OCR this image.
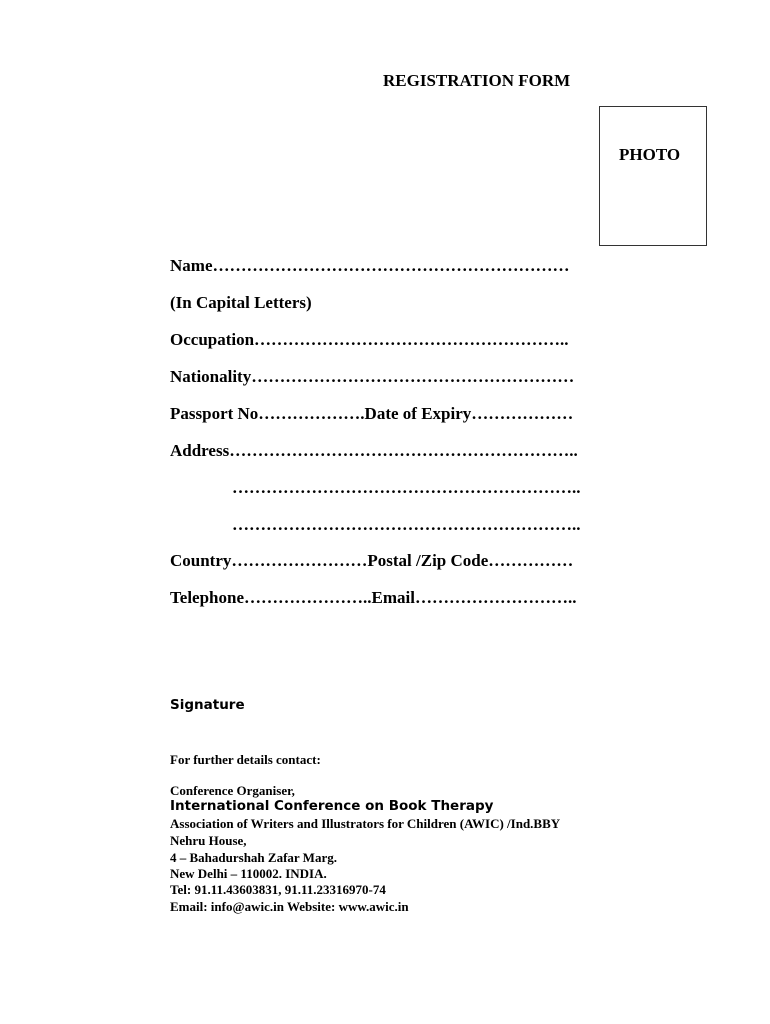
REGISTRATION FORM
PHOTO
Name………………………………………………………
(In Capital Letters)
Occupation………………………………………………..
Nationality…………………………………………………
Passport No……………….Date of Expiry………………
Address……………………………………………………..
……………………………………………………..
……………………………………………………..
Country……………………Postal /Zip Code……………
Telephone…………………..Email………………………..
Signature
For further details contact:
Conference Organiser,
International Conference on Book Therapy
Association of Writers and Illustrators for Children (AWIC) /Ind.BBY
Nehru House,
4 – Bahadurshah Zafar Marg.
New Delhi – 110002. INDIA.
Tel: 91.11.43603831, 91.11.23316970-74
Email: info@awic.in Website: www.awic.in
